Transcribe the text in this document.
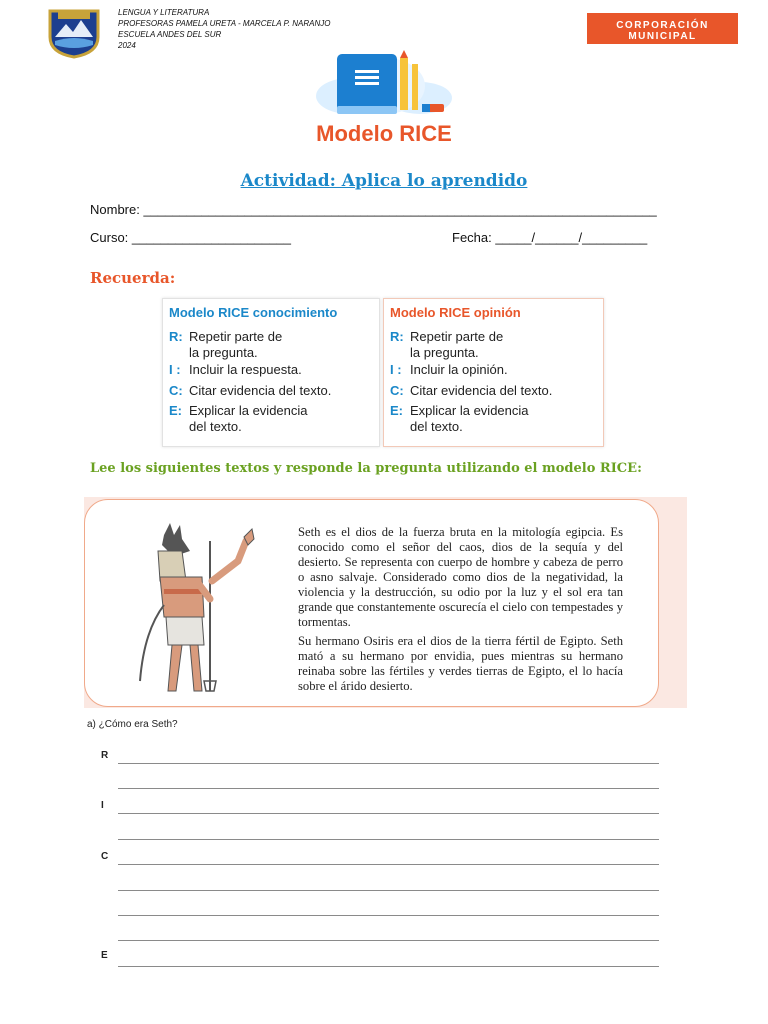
LENGUA Y LITERATURA
PROFESORAS PAMELA URETA - MARCELA P. NARANJO
ESCUELA ANDES DEL SUR
2024
CORPORACIÓN MUNICIPAL
EDUCACIÓN, SALUD Y ATENCIÓN DE MENORES
Modelo RICE
Actividad: Aplica lo aprendido
Nombre: _______________________________________________________________________
Curso: ______________________	Fecha: _____/______/_________
Recuerda:
Modelo RICE conocimiento
R: Repetir parte de
la pregunta.
I : Incluir la respuesta.
C: Citar evidencia del texto.
E: Explicar la evidencia
del texto.
Modelo RICE opinión
R: Repetir parte de
la pregunta.
I : Incluir la opinión.
C: Citar evidencia del texto.
E: Explicar la evidencia
del texto.
Lee los siguientes textos y responde la pregunta utilizando el modelo RICE:

Seth es el dios de la fuerza bruta en la mitología egipcia. Es conocido como el señor del caos, dios de la sequía y del desierto. Se representa con cuerpo de hombre y cabeza de perro o asno salvaje. Considerado como dios de la negatividad, la violencia y la destrucción, su odio por la luz y el sol era tan grande que constantemente oscurecía el cielo con tempestades y tormentas.

Su hermano Osiris era el dios de la tierra fértil de Egipto. Seth mató a su hermano por envidia, pues mientras su hermano reinaba sobre las fértiles y verdes tierras de Egipto, el lo hacía sobre el árido desierto.

a) ¿Cómo era Seth?
R
I
C
E
